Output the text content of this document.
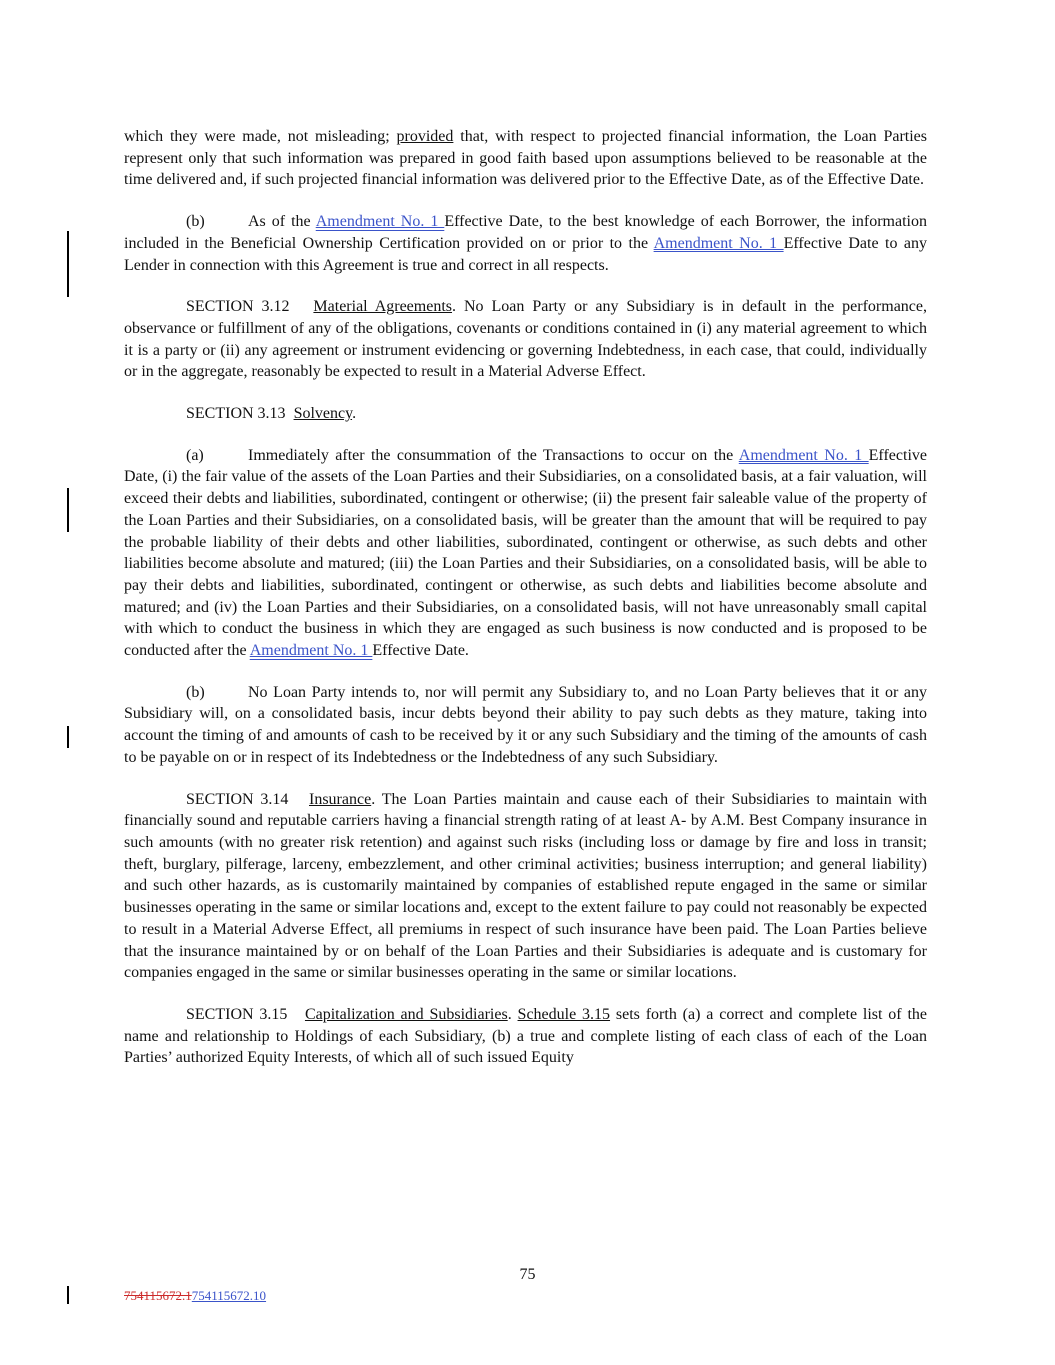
which they were made, not misleading; provided that, with respect to projected financial information, the Loan Parties represent only that such information was prepared in good faith based upon assumptions believed to be reasonable at the time delivered and, if such projected financial information was delivered prior to the Effective Date, as of the Effective Date.

(b)	As of the Amendment No. 1 Effective Date, to the best knowledge of each Borrower, the information included in the Beneficial Ownership Certification provided on or prior to the Amendment No. 1 Effective Date to any Lender in connection with this Agreement is true and correct in all respects.

SECTION 3.12 Material Agreements. No Loan Party or any Subsidiary is in default in the performance, observance or fulfillment of any of the obligations, covenants or conditions contained in (i) any material agreement to which it is a party or (ii) any agreement or instrument evidencing or governing Indebtedness, in each case, that could, individually or in the aggregate, reasonably be expected to result in a Material Adverse Effect.

SECTION 3.13 Solvency.

(a)	Immediately after the consummation of the Transactions to occur on the Amendment No. 1 Effective Date, (i) the fair value of the assets of the Loan Parties and their Subsidiaries, on a consolidated basis, at a fair valuation, will exceed their debts and liabilities, subordinated, contingent or otherwise; (ii) the present fair saleable value of the property of the Loan Parties and their Subsidiaries, on a consolidated basis, will be greater than the amount that will be required to pay the probable liability of their debts and other liabilities, subordinated, contingent or otherwise, as such debts and other liabilities become absolute and matured; (iii) the Loan Parties and their Subsidiaries, on a consolidated basis, will be able to pay their debts and liabilities, subordinated, contingent or otherwise, as such debts and liabilities become absolute and matured; and (iv) the Loan Parties and their Subsidiaries, on a consolidated basis, will not have unreasonably small capital with which to conduct the business in which they are engaged as such business is now conducted and is proposed to be conducted after the Amendment No. 1 Effective Date.

(b)	No Loan Party intends to, nor will permit any Subsidiary to, and no Loan Party believes that it or any Subsidiary will, on a consolidated basis, incur debts beyond their ability to pay such debts as they mature, taking into account the timing of and amounts of cash to be received by it or any such Subsidiary and the timing of the amounts of cash to be payable on or in respect of its Indebtedness or the Indebtedness of any such Subsidiary.

SECTION 3.14 Insurance. The Loan Parties maintain and cause each of their Subsidiaries to maintain with financially sound and reputable carriers having a financial strength rating of at least A- by A.M. Best Company insurance in such amounts (with no greater risk retention) and against such risks (including loss or damage by fire and loss in transit; theft, burglary, pilferage, larceny, embezzlement, and other criminal activities; business interruption; and general liability) and such other hazards, as is customarily maintained by companies of established repute engaged in the same or similar businesses operating in the same or similar locations and, except to the extent failure to pay could not reasonably be expected to result in a Material Adverse Effect, all premiums in respect of such insurance have been paid. The Loan Parties believe that the insurance maintained by or on behalf of the Loan Parties and their Subsidiaries is adequate and is customary for companies engaged in the same or similar businesses operating in the same or similar locations.

SECTION 3.15 Capitalization and Subsidiaries. Schedule 3.15 sets forth (a) a correct and complete list of the name and relationship to Holdings of each Subsidiary, (b) a true and complete listing of each class of each of the Loan Parties’ authorized Equity Interests, of which all of such issued Equity

75
754115672.1754115672.10
